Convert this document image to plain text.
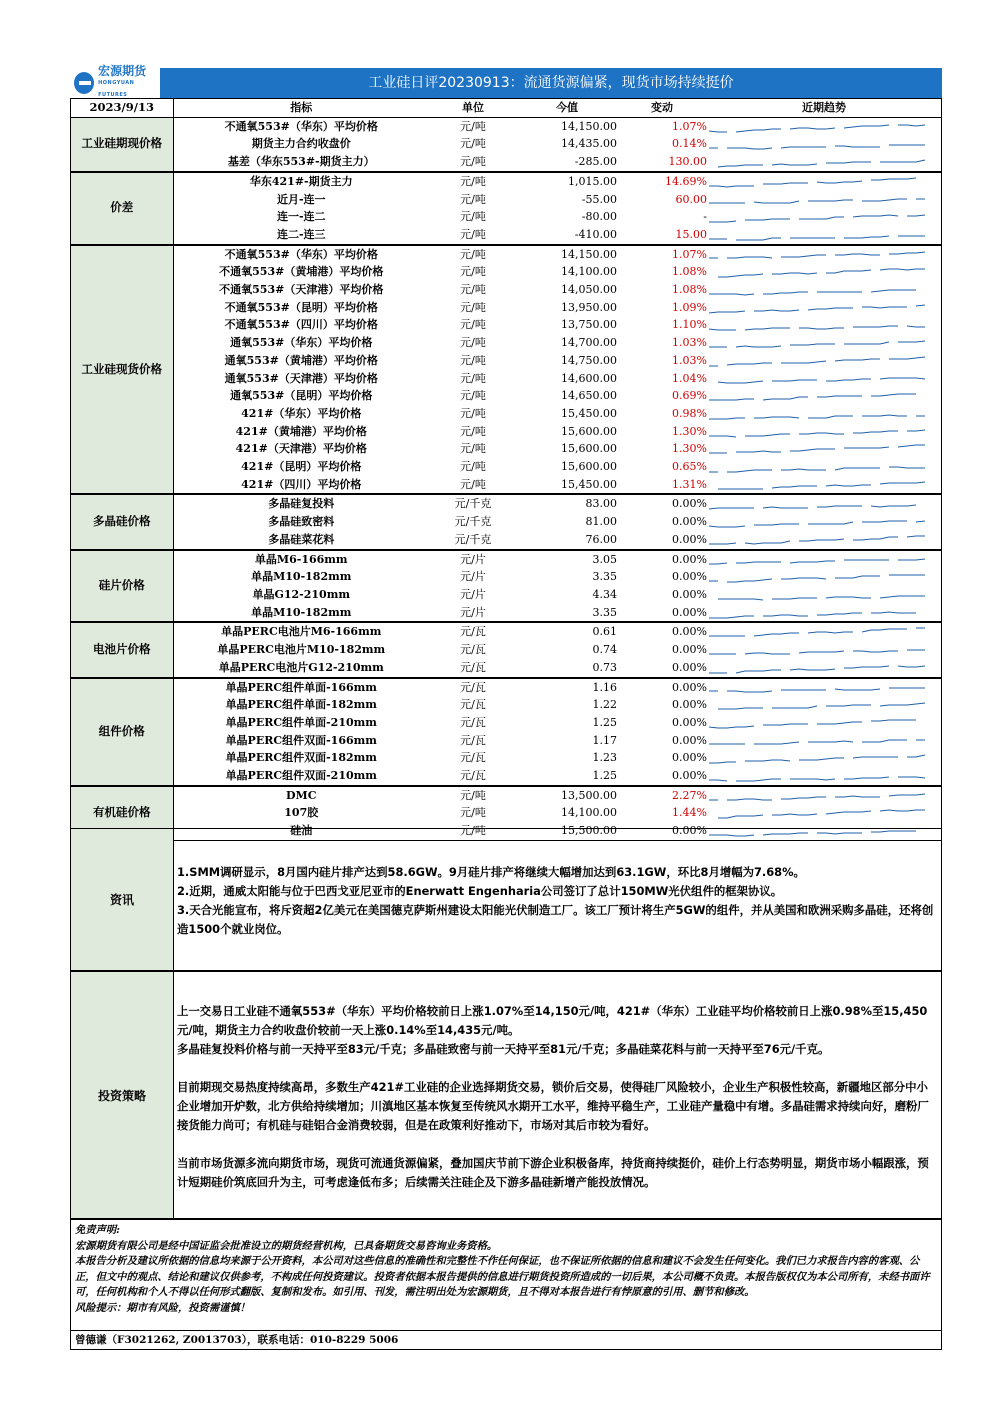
宏源期货
HONGYUAN FUTURES
工业硅日评20230913：流通货源偏紧，现货市场持续挺价
2023/9/13	指标	单位	今值	变动	近期趋势
工业硅期现价格	不通氧553#（华东）平均价格	元/吨	14,150.00	1.07%	

	期货主力合约收盘价	元/吨	14,435.00	0.14%	

	基差（华东553#-期货主力）	元/吨	-285.00	130.00	

价差	华东421#-期货主力	元/吨	1,015.00	14.69%	

	近月-连一	元/吨	-55.00	60.00	

	连一-连二	元/吨	-80.00	-	

	连二-连三	元/吨	-410.00	15.00	

工业硅现货价格	不通氧553#（华东）平均价格	元/吨	14,150.00	1.07%	

	不通氧553#（黄埔港）平均价格	元/吨	14,100.00	1.08%	

	不通氧553#（天津港）平均价格	元/吨	14,050.00	1.08%	

	不通氧553#（昆明）平均价格	元/吨	13,950.00	1.09%	

	不通氧553#（四川）平均价格	元/吨	13,750.00	1.10%	

	通氧553#（华东）平均价格	元/吨	14,700.00	1.03%	

	通氧553#（黄埔港）平均价格	元/吨	14,750.00	1.03%	

	通氧553#（天津港）平均价格	元/吨	14,600.00	1.04%	

	通氧553#（昆明）平均价格	元/吨	14,650.00	0.69%	

	421#（华东）平均价格	元/吨	15,450.00	0.98%	

	421#（黄埔港）平均价格	元/吨	15,600.00	1.30%	

	421#（天津港）平均价格	元/吨	15,600.00	1.30%	

	421#（昆明）平均价格	元/吨	15,600.00	0.65%	

	421#（四川）平均价格	元/吨	15,450.00	1.31%	

多晶硅价格	多晶硅复投料	元/千克	83.00	0.00%	

	多晶硅致密料	元/千克	81.00	0.00%	

	多晶硅菜花料	元/千克	76.00	0.00%	

硅片价格	单晶M6-166mm	元/片	3.05	0.00%	

	单晶M10-182mm	元/片	3.35	0.00%	

	单晶G12-210mm	元/片	4.34	0.00%	

	单晶M10-182mm	元/片	3.35	0.00%	

电池片价格	单晶PERC电池片M6-166mm	元/瓦	0.61	0.00%	

	单晶PERC电池片M10-182mm	元/瓦	0.74	0.00%	

	单晶PERC电池片G12-210mm	元/瓦	0.73	0.00%	

组件价格	单晶PERC组件单面-166mm	元/瓦	1.16	0.00%	

	单晶PERC组件单面-182mm	元/瓦	1.22	0.00%	

	单晶PERC组件单面-210mm	元/瓦	1.25	0.00%	

	单晶PERC组件双面-166mm	元/瓦	1.17	0.00%	

	单晶PERC组件双面-182mm	元/瓦	1.23	0.00%	

	单晶PERC组件双面-210mm	元/瓦	1.25	0.00%	

有机硅价格	DMC	元/吨	13,500.00	2.27%	

	107胶	元/吨	14,100.00	1.44%	

	硅油	元/吨	15,500.00	0.00%	
资讯

1.SMM调研显示，8月国内硅片排产达到58.6GW。9月硅片排产将继续大幅增加达到63.1GW，环比8月增幅为7.68%。

2.近期，通威太阳能与位于巴西戈亚尼亚市的Enerwatt Engenharia公司签订了总计150MW光伏组件的框架协议。

3.天合光能宣布，将斥资超2亿美元在美国德克萨斯州建设太阳能光伏制造工厂。该工厂预计将生产5GW的组件，并从美国和欧洲采购多晶硅，还将创造1500个就业岗位。

投资策略

上一交易日工业硅不通氧553#（华东）平均价格较前日上涨1.07%至14,150元/吨，421#（华东）工业硅平均价格较前日上涨0.98%至15,450元/吨，期货主力合约收盘价较前一天上涨0.14%至14,435元/吨。

多晶硅复投料价格与前一天持平至83元/千克；多晶硅致密与前一天持平至81元/千克；多晶硅菜花料与前一天持平至76元/千克。

目前期现交易热度持续高昂，多数生产421#工业硅的企业选择期货交易，锁价后交易，使得硅厂风险较小，企业生产积极性较高，新疆地区部分中小企业增加开炉数，北方供给持续增加；川滇地区基本恢复至传统风水期开工水平，维持平稳生产，工业硅产量稳中有增。多晶硅需求持续向好，磨粉厂接货能力尚可；有机硅与硅铝合金消费较弱，但是在政策利好推动下，市场对其后市较为看好。

当前市场货源多流向期货市场，现货可流通货源偏紧，叠加国庆节前下游企业积极备库，持货商持续挺价，硅价上行态势明显，期货市场小幅跟涨，预计短期硅价筑底回升为主，可考虑逢低布多；后续需关注硅企及下游多晶硅新增产能投放情况。

免责声明:
宏源期货有限公司是经中国证监会批准设立的期货经营机构，已具备期货交易咨询业务资格。
本报告分析及建议所依据的信息均来源于公开资料，本公司对这些信息的准确性和完整性不作任何保证，也不保证所依据的信息和建议不会发生任何变化。我们已力求报告内容的客观、公正，但文中的观点、结论和建议仅供参考，不构成任何投资建议。投资者依据本报告提供的信息进行期货投资所造成的一切后果，本公司概不负责。本报告版权仅为本公司所有，未经书面许可，任何机构和个人不得以任何形式翻版、复制和发布。如引用、刊发，需注明出处为宏源期货，且不得对本报告进行有悖原意的引用、删节和修改。
风险提示：期市有风险，投资需谨慎！
曾德谦（F3021262, Z0013703），联系电话：010-8229 5006
